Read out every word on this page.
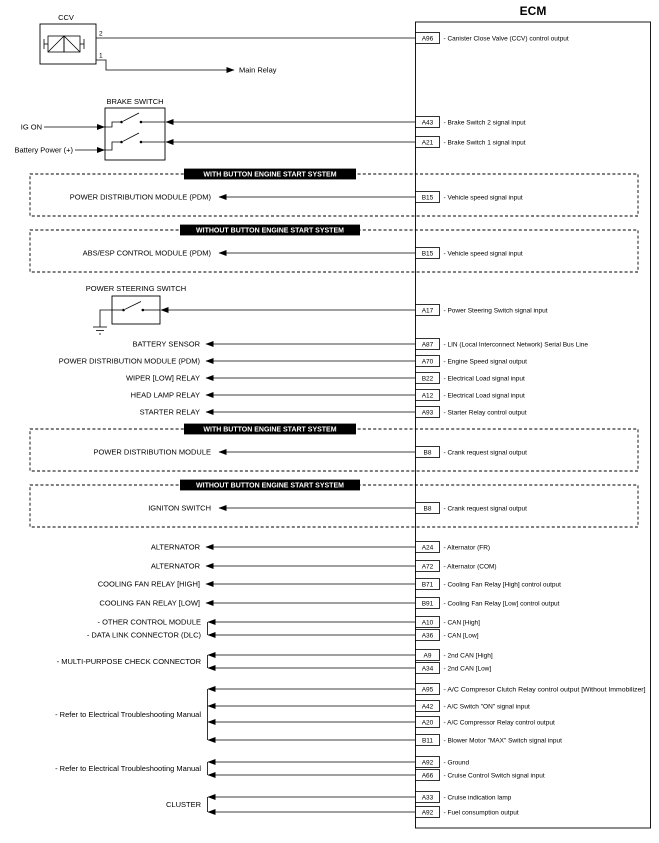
ECM
CCV
2
1
Main Relay
BRAKE SWITCH
IG ON
Battery Power (+)
POWER STEERING SWITCH
WITH BUTTON ENGINE START SYSTEM
POWER DISTRIBUTION MODULE (PDM)
WITHOUT BUTTON ENGINE START SYSTEM
ABS/ESP CONTROL MODULE (PDM)
WITH BUTTON ENGINE START SYSTEM
POWER DISTRIBUTION MODULE
WITHOUT BUTTON ENGINE START SYSTEM
IGNITON SWITCH
BATTERY SENSOR
POWER DISTRIBUTION MODULE (PDM)
WIPER [LOW] RELAY
HEAD LAMP RELAY
STARTER RELAY
ALTERNATOR
ALTERNATOR
COOLING FAN RELAY [HIGH]
COOLING FAN RELAY [LOW]
- OTHER CONTROL MODULE
- DATA LINK CONNECTOR (DLC)
- MULTI-PURPOSE CHECK CONNECTOR
- Refer to Electrical Troubleshooting Manual
- Refer to Electrical Troubleshooting Manual
CLUSTER
A96 - Canister Close Valve (CCV) control output
A43 - Brake Switch 2 signal input
A21 - Brake Switch 1 signal input
B15 - Vehicle speed signal input
B15 - Vehicle speed signal input
A17 - Power Steering Switch signal input
A87 - LIN (Local Interconnect Network) Serial Bus Line
A70 - Engine Speed signal output
B22 - Electrical Load signal input
A12 - Electrical Load signal input
A93 - Starter Relay control output
B8 - Crank request signal output
B8 - Crank request signal output
A24 - Alternator (FR)
A72 - Alternator (COM)
B71 - Cooling Fan Relay [High] control output
B91 - Cooling Fan Relay [Low] control output
A10 - CAN [High]
A36 - CAN [Low]
A9 - 2nd CAN [High]
A34 - 2nd CAN [Low]
A95 - A/C Compresor Clutch Relay control output [Without Immobilizer]
A42 - A/C Switch "ON" signal input
A20 - A/C Compressor Relay control output
B11 - Blower Motor "MAX" Switch signal input
A92 - Ground
A66 - Cruise Control Switch signal input
A33 - Cruise indication lamp
A92 - Fuel consumption output
